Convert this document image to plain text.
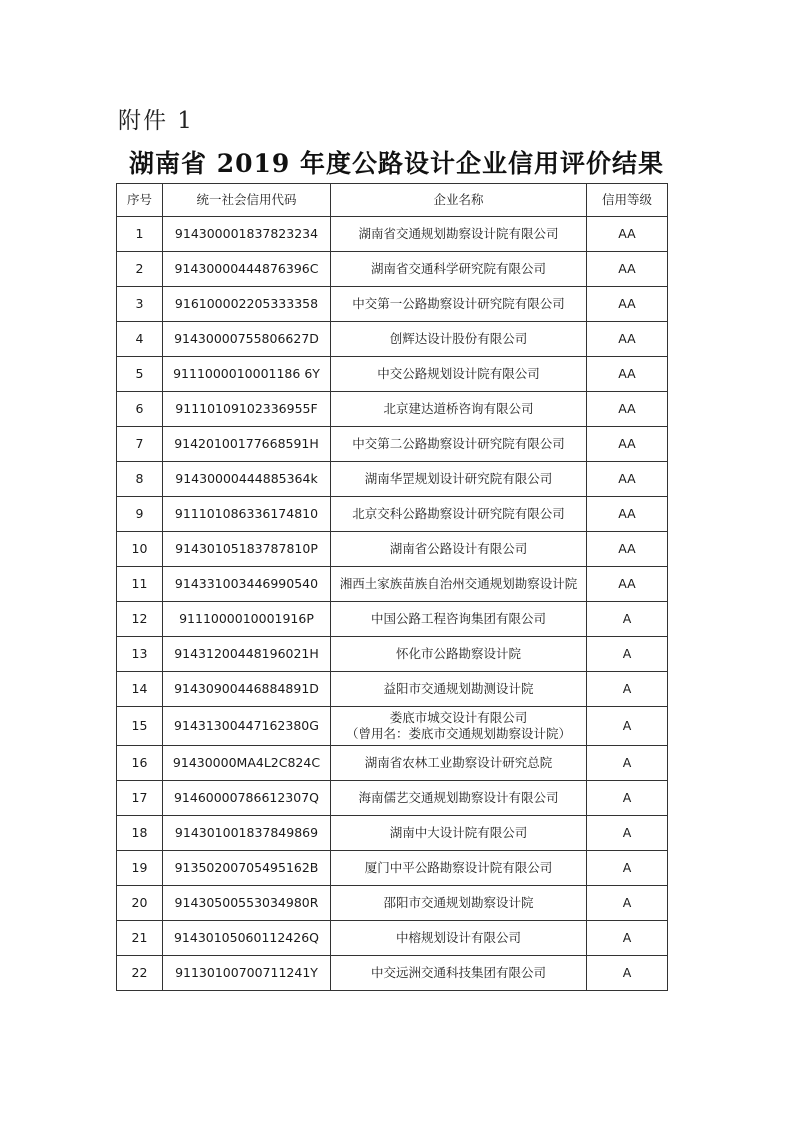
附件 1
湖南省 2019 年度公路设计企业信用评价结果
序号	统一社会信用代码	企业名称	信用等级
1	914300001837823234	湖南省交通规划勘察设计院有限公司	AA
2	91430000444876396C	湖南省交通科学研究院有限公司	AA
3	916100002205333358	中交第一公路勘察设计研究院有限公司	AA
4	91430000755806627D	创辉达设计股份有限公司	AA
5	9111000010001186 6Y	中交公路规划设计院有限公司	AA
6	91110109102336955F	北京建达道桥咨询有限公司	AA
7	91420100177668591H	中交第二公路勘察设计研究院有限公司	AA
8	91430000444885364k	湖南华罡规划设计研究院有限公司	AA
9	911101086336174810	北京交科公路勘察设计研究院有限公司	AA
10	91430105183787810P	湖南省公路设计有限公司	AA
11	914331003446990540	湘西土家族苗族自治州交通规划勘察设计院	AA
12	9111000010001916P	中国公路工程咨询集团有限公司	A
13	91431200448196021H	怀化市公路勘察设计院	A
14	91430900446884891D	益阳市交通规划勘测设计院	A
15	91431300447162380G	娄底市城交设计有限公司
（曾用名：娄底市交通规划勘察设计院）	A
16	91430000MA4L2C824C	湖南省农林工业勘察设计研究总院	A
17	91460000786612307Q	海南儒艺交通规划勘察设计有限公司	A
18	914301001837849869	湖南中大设计院有限公司	A
19	91350200705495162B	厦门中平公路勘察设计院有限公司	A
20	91430500553034980R	邵阳市交通规划勘察设计院	A
21	91430105060112426Q	中榕规划设计有限公司	A
22	91130100700711241Y	中交远洲交通科技集团有限公司	A
